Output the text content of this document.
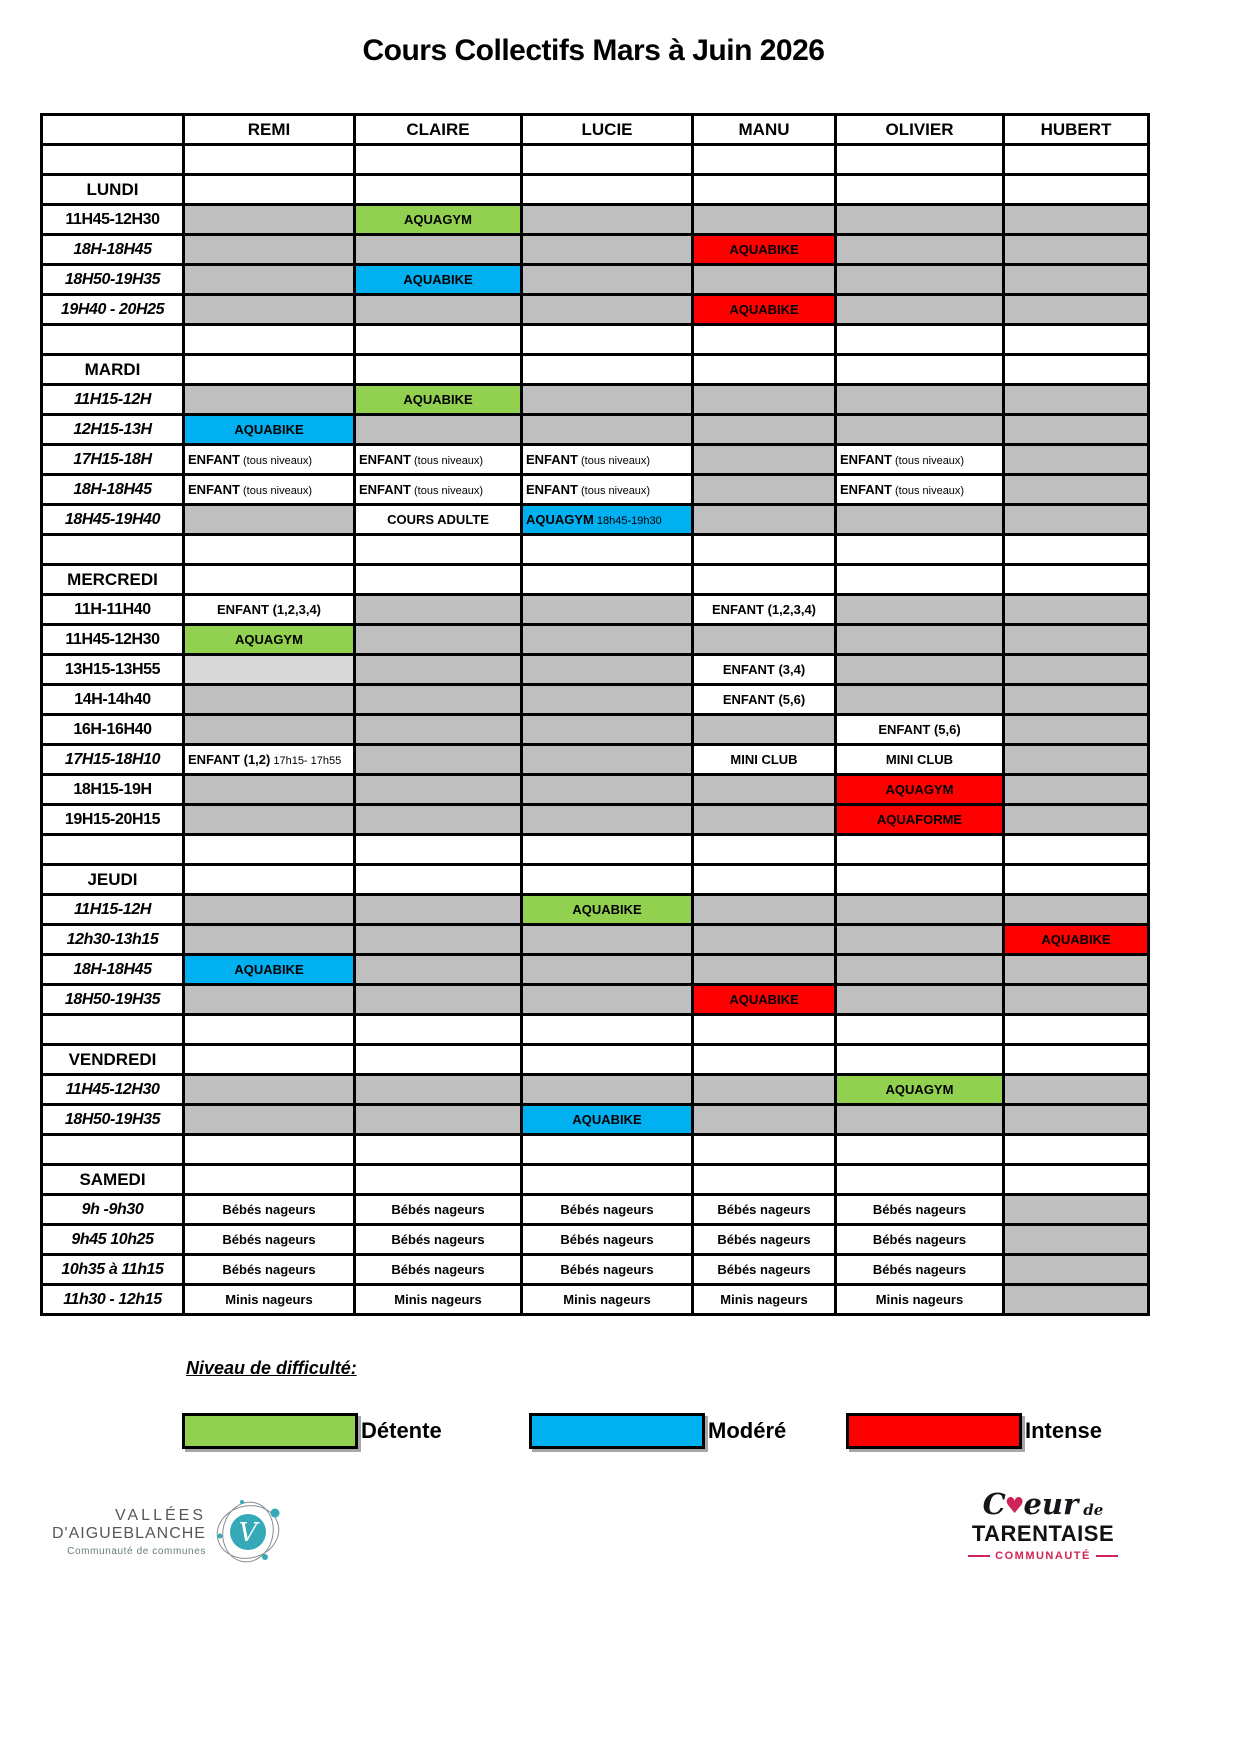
Cours Collectifs Mars à Juin 2026
	REMI	CLAIRE	LUCIE	MANU	OLIVIER	HUBERT

LUNDI						
11H45-12H30		AQUAGYM				
18H-18H45				AQUABIKE		
18H50-19H35		AQUABIKE				
19H40 - 20H25				AQUABIKE		

MARDI						
11H15-12H		AQUABIKE				
12H15-13H	AQUABIKE					
17H15-18H	ENFANT (tous niveaux)	ENFANT (tous niveaux)	ENFANT (tous niveaux)		ENFANT (tous niveaux)	
18H-18H45	ENFANT (tous niveaux)	ENFANT (tous niveaux)	ENFANT (tous niveaux)		ENFANT (tous niveaux)	
18H45-19H40		COURS ADULTE	AQUAGYM 18h45-19h30			

MERCREDI						
11H-11H40	ENFANT (1,2,3,4)			ENFANT (1,2,3,4)		
11H45-12H30	AQUAGYM					
13H15-13H55				ENFANT (3,4)		
14H-14h40				ENFANT (5,6)		
16H-16H40					ENFANT (5,6)	
17H15-18H10	ENFANT (1,2) 17h15- 17h55			MINI CLUB	MINI CLUB	
18H15-19H					AQUAGYM	
19H15-20H15					AQUAFORME	

JEUDI						
11H15-12H			AQUABIKE			
12h30-13h15						AQUABIKE
18H-18H45	AQUABIKE					
18H50-19H35				AQUABIKE		

VENDREDI						
11H45-12H30					AQUAGYM	
18H50-19H35			AQUABIKE			

SAMEDI						
9h -9h30	Bébés nageurs	Bébés nageurs	Bébés nageurs	Bébés nageurs	Bébés nageurs	
9h45 10h25	Bébés nageurs	Bébés nageurs	Bébés nageurs	Bébés nageurs	Bébés nageurs	
10h35 à 11h15	Bébés nageurs	Bébés nageurs	Bébés nageurs	Bébés nageurs	Bébés nageurs	
11h30 - 12h15	Minis nageurs	Minis nageurs	Minis nageurs	Minis nageurs	Minis nageurs	
Niveau de difficulté:
Détente	Modéré	Intense
VALLÉES
D'AIGUEBLANCHE
Communauté de communes
V
C ♥ eur de
TARENTAISE
COMMUNAUTÉ
